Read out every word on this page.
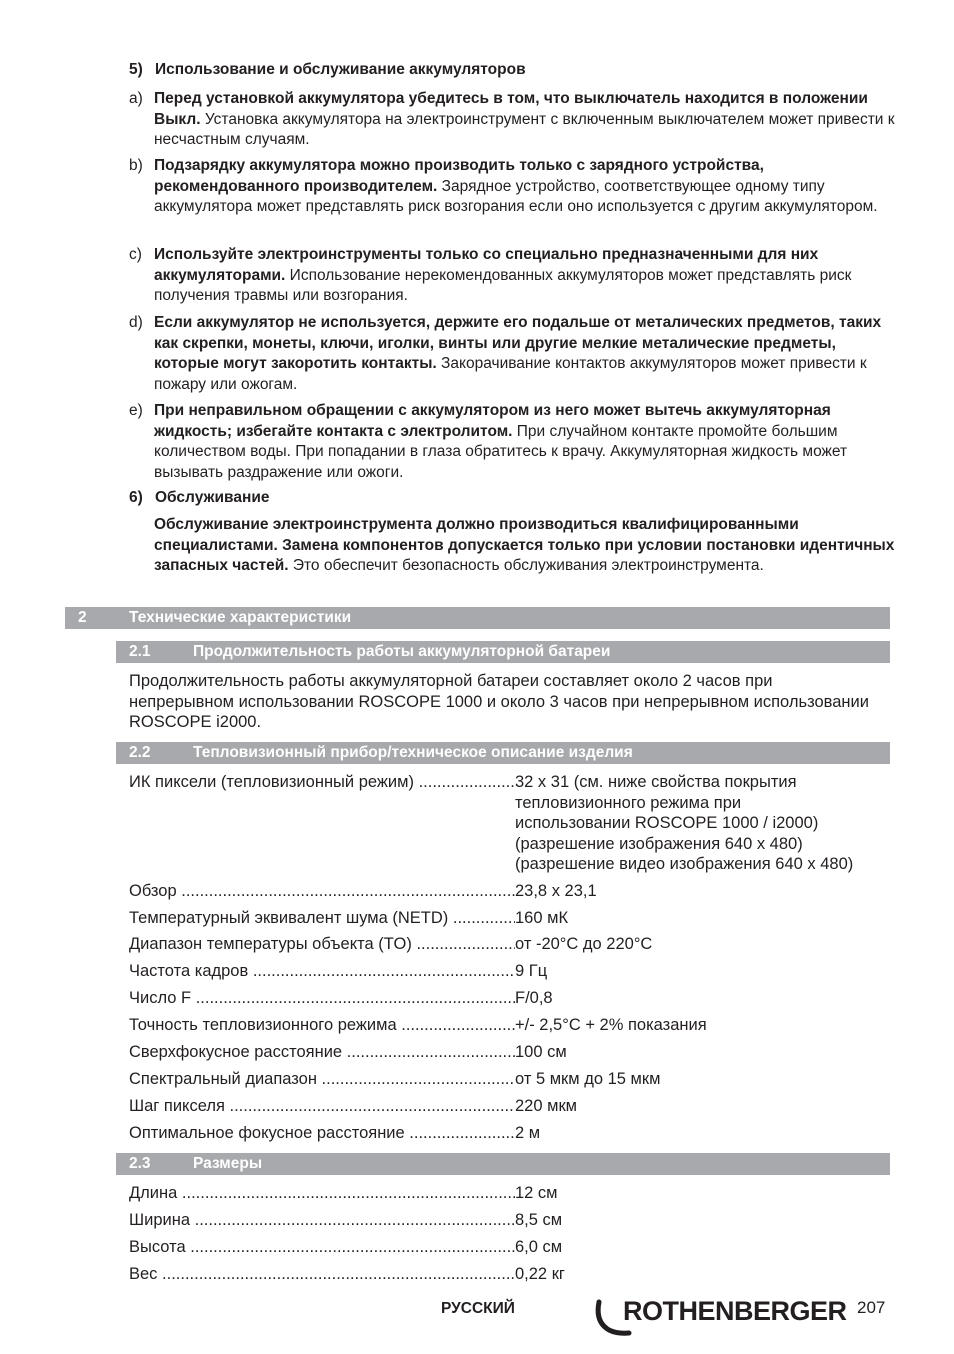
5) Использование и обслуживание аккумуляторов
a) Перед установкой аккумулятора убедитесь в том, что выключатель находится в положении Выкл. Установка аккумулятора на электроинструмент с включенным выключателем может привести к несчастным случаям.
b) Подзарядку аккумулятора можно производить только с зарядного устройства, рекомендованного производителем. Зарядное устройство, соответствующее одному типу аккумулятора может представлять риск возгорания если оно используется с другим аккумулятором.
c) Используйте электроинструменты только со специально предназначенными для них аккумуляторами. Использование нерекомендованных аккумуляторов может представлять риск получения травмы или возгорания.
d) Если аккумулятор не используется, держите его подальше от металических предметов, таких как скрепки, монеты, ключи, иголки, винты или другие мелкие металические предметы, которые могут закоротить контакты. Закорачивание контактов аккумуляторов может привести к пожару или ожогам.
e) При неправильном обращении с аккумулятором из него может вытечь аккумуляторная жидкость; избегайте контакта с электролитом. При случайном контакте промойте большим количеством воды. При попадании в глаза обратитесь к врачу. Аккумуляторная жидкость может вызывать раздражение или ожоги.
6) Обслуживание
Обслуживание электроинструмента должно производиться квалифицированными специалистами. Замена компонентов допускается только при условии постановки идентичных запасных частей. Это обеспечит безопасность обслуживания электроинструмента.
2	Технические характеристики
2.1	Продолжительность работы аккумуляторной батареи
Продолжительность работы аккумуляторной батареи составляет около 2 часов при непрерывном использовании ROSCOPE 1000 и около 3 часов при непрерывном использовании ROSCOPE i2000.
2.2	Тепловизионный прибор/техническое описание изделия
ИК пиксели (тепловизионный режим) .....	32 x 31 (см. ниже свойства покрытия
тепловизионного режима при
использовании ROSCOPE 1000 / i2000)
(разрешение изображения 640 x 480)
(разрешение видео изображения 640 x 480)
Обзор .....	23,8 x 23,1
Температурный эквивалент шума (NETD) .....	160 мК
Диапазон температуры объекта (TO) .....	от -20°C до 220°C
Частота кадров .....	9 Гц
Число F .....	F/0,8
Точность тепловизионного режима .....	+/- 2,5°C + 2% показания
Сверхфокусное расстояние .....	100 см
Спектральный диапазон .....	от 5 мкм до 15 мкм
Шаг пикселя .....	220 мкм
Оптимальное фокусное расстояние .....	2 м
2.3	Размеры
Длина .....	12 см
Ширина .....	8,5 см
Высота .....	6,0 см
Вес .....	0,22 кг
РУССКИЙ	ROTHENBERGER 207
